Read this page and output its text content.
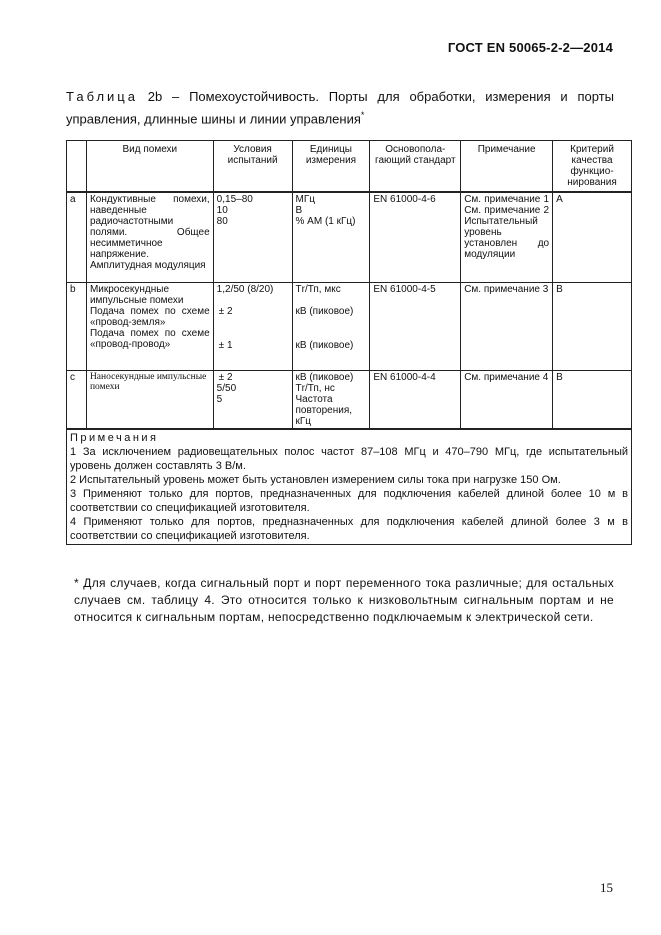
ГОСТ EN 50065-2-2—2014
Таблица 2b – Помехоустойчивость. Порты для обработки, измерения и порты управления, длинные шины и линии управления*
	Вид помехи	Условия испытаний	Единицы измерения	Основопола-гающий стандарт	Примечание	Критерий качества функцио-нирования
a	Кондуктивные помехи, наведенные радиочастотными полями. Общее несимметичное напряжение. Амплитудная модуляция	0,15–80
10
80	МГц
В
% АМ (1 кГц)	EN 61000-4-6	См. примечание 1 См. примечание 2 Испытательный уровень установлен до модуляции	A
b	Микросекундные импульсные помехи
Подача помех по схеме «провод-земля»
Подача помех по схеме «провод-провод»	1,2/50 (8/20)
± 2
± 1	Тr/Тп, мкс
кВ (пиковое)
кВ (пиковое)	EN 61000-4-5	См. примечание 3	B
c	Наносекундные импульсные помехи	± 2
5/50
5	кВ (пиковое)
Тr/Тп, нс
Частота повторения, кГц	EN 61000-4-4	См. примечание 4	B

Примечания
1 За исключением радиовещательных полос частот 87–108 МГц и 470–790 МГц, где испытательный уровень должен составлять 3 В/м.
2 Испытательный уровень может быть установлен измерением силы тока при нагрузке 150 Ом.
3 Применяют только для портов, предназначенных для подключения кабелей длиной более 10 м в соответствии со спецификацией изготовителя.
4 Применяют только для портов, предназначенных для подключения кабелей длиной более 3 м в соответствии со спецификацией изготовителя.						
* Для случаев, когда сигнальный порт и порт переменного тока различные; для остальных случаев см. таблицу 4. Это относится только к низковольтным сигнальным портам и не относится к сигнальным портам, непосредственно подключаемым к электрической сети.
15
